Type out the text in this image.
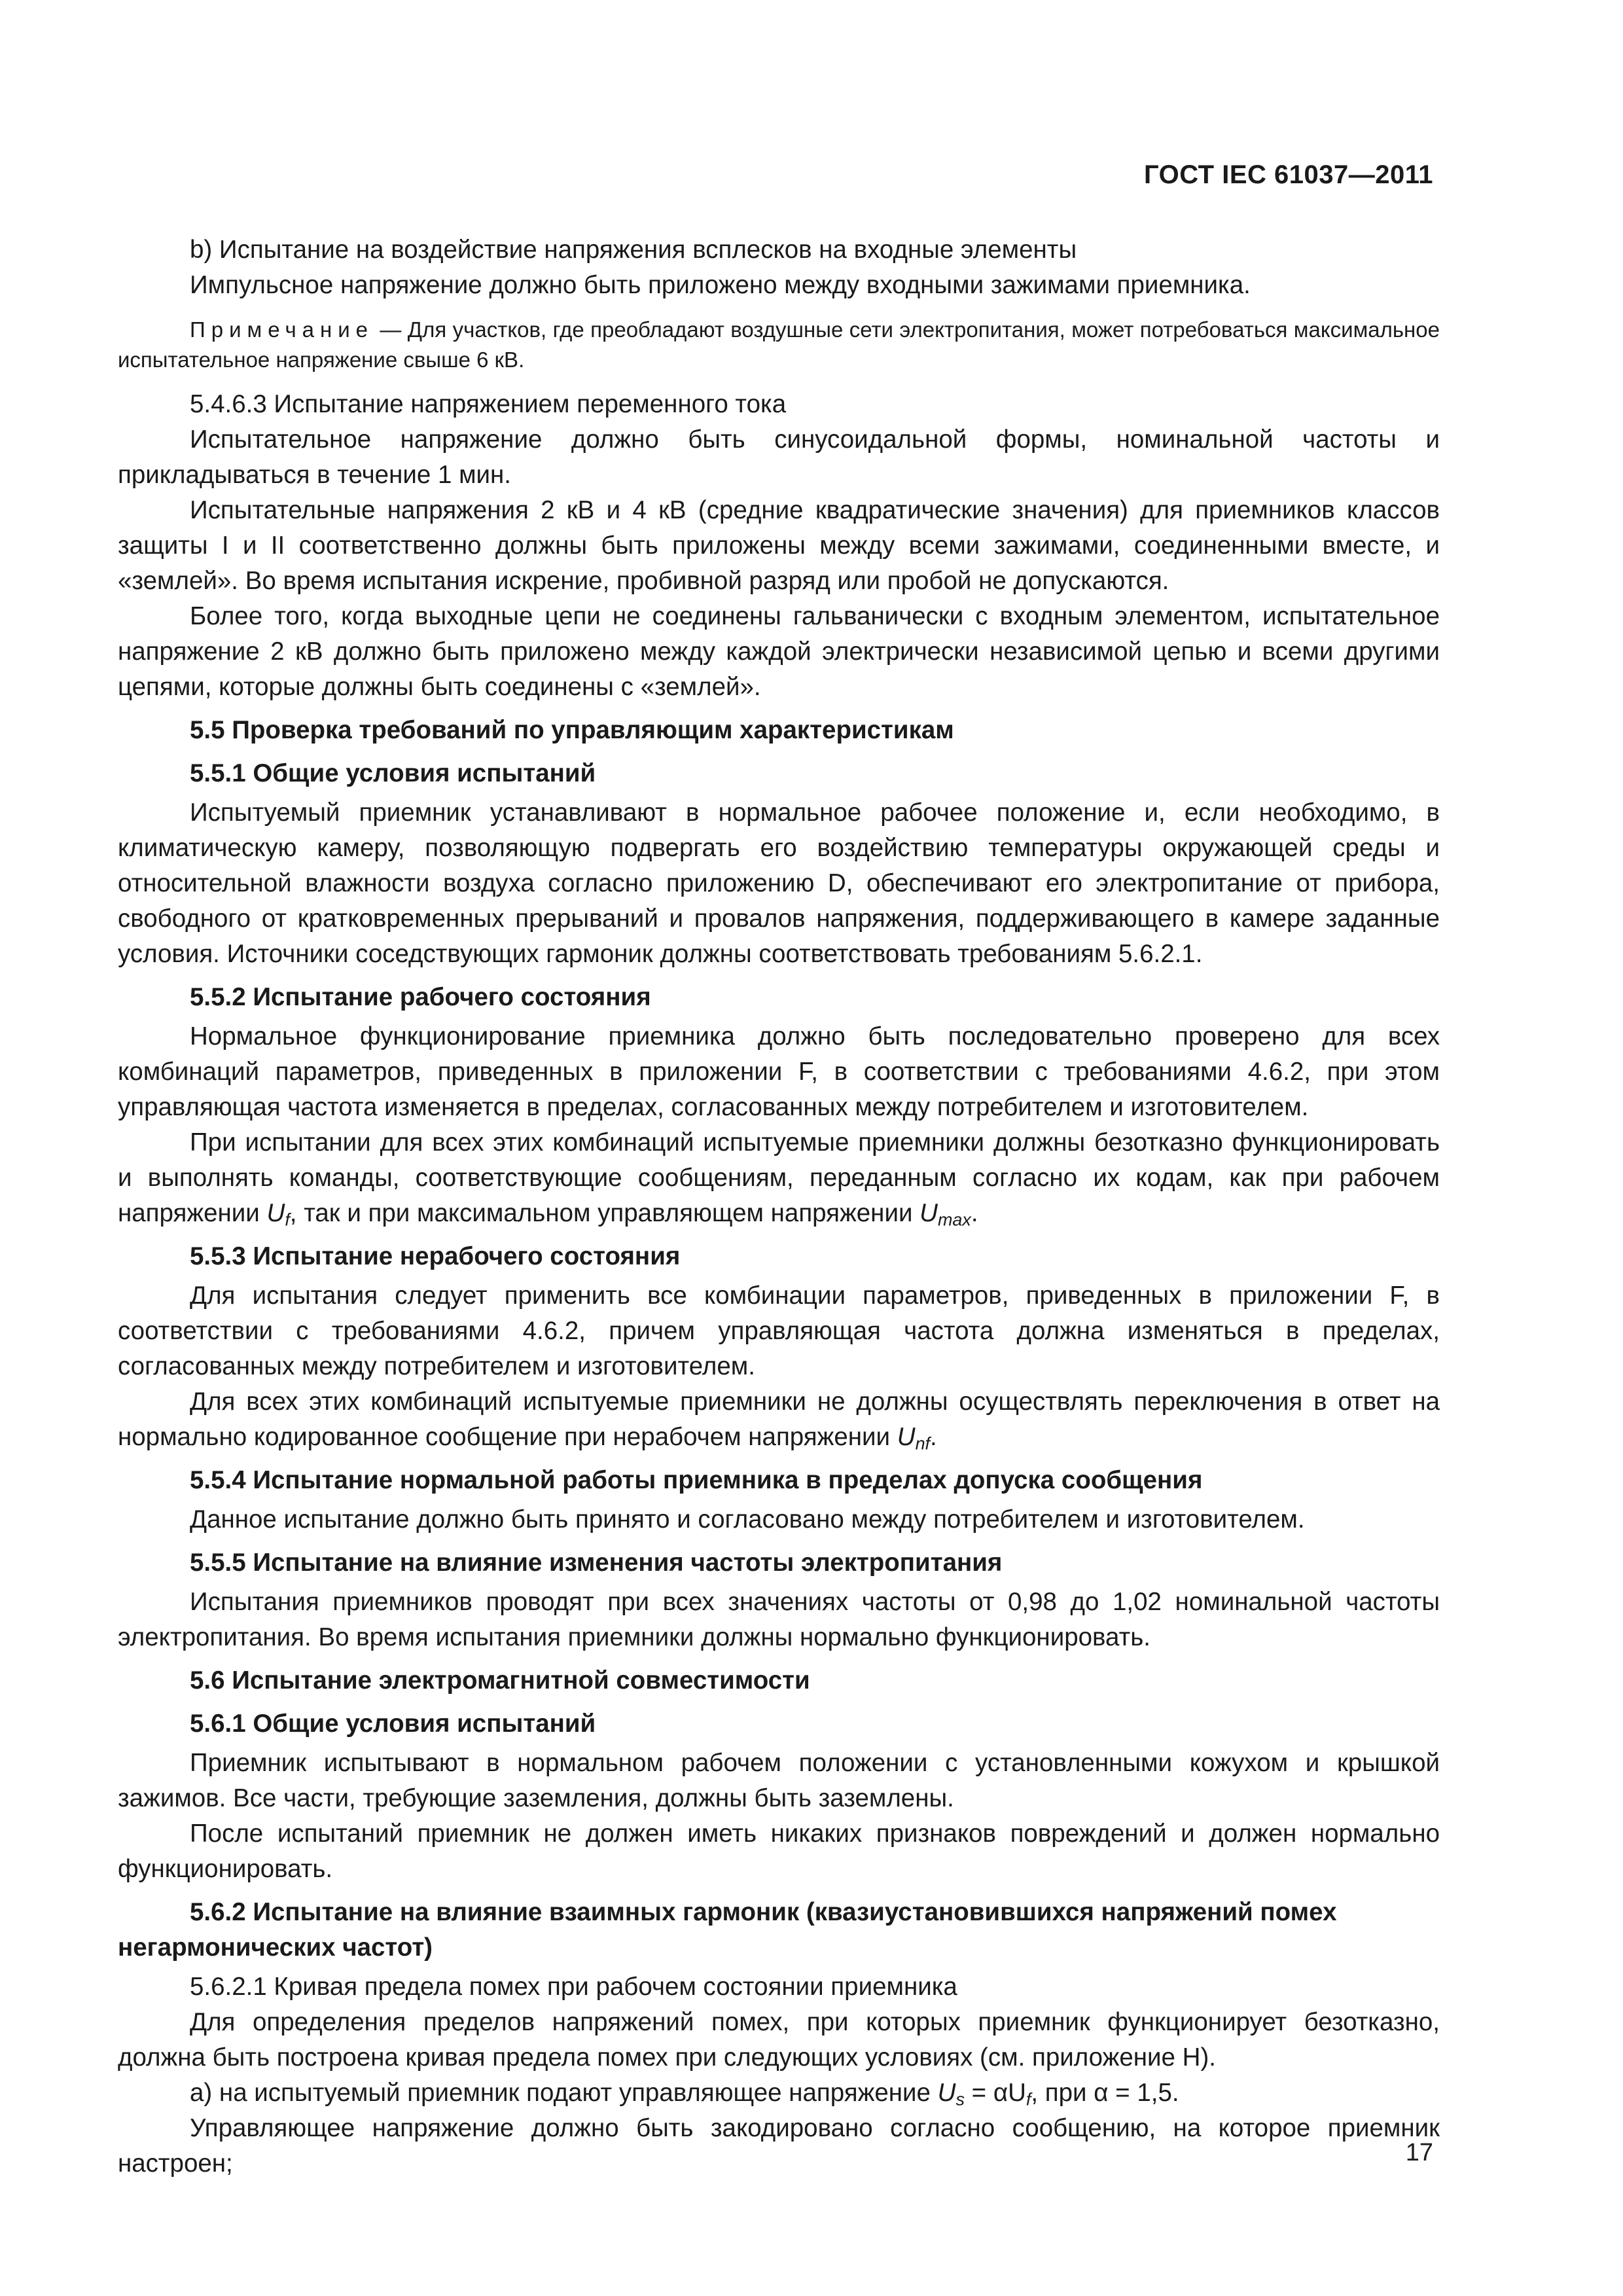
ГОСТ IEC 61037—2011

b) Испытание на воздействие напряжения всплесков на входные элементы

Импульсное напряжение должно быть приложено между входными зажимами приемника.

Примечание — Для участков, где преобладают воздушные сети электропитания, может потребоваться максимальное испытательное напряжение свыше 6 кВ.

5.4.6.3 Испытание напряжением переменного тока

Испытательное напряжение должно быть синусоидальной формы, номинальной частоты и прикладываться в течение 1 мин.

Испытательные напряжения 2 кВ и 4 кВ (средние квадратические значения) для приемников классов защиты I и II соответственно должны быть приложены между всеми зажимами, соединенными вместе, и «землей». Во время испытания искрение, пробивной разряд или пробой не допускаются.

Более того, когда выходные цепи не соединены гальванически с входным элементом, испытательное напряжение 2 кВ должно быть приложено между каждой электрически независимой цепью и всеми другими цепями, которые должны быть соединены с «землей».

5.5 Проверка требований по управляющим характеристикам

5.5.1 Общие условия испытаний

Испытуемый приемник устанавливают в нормальное рабочее положение и, если необходимо, в климатическую камеру, позволяющую подвергать его воздействию температуры окружающей среды и относительной влажности воздуха согласно приложению D, обеспечивают его электропитание от прибора, свободного от кратковременных прерываний и провалов напряжения, поддерживающего в камере заданные условия. Источники соседствующих гармоник должны соответствовать требованиям 5.6.2.1.

5.5.2 Испытание рабочего состояния

Нормальное функционирование приемника должно быть последовательно проверено для всех комбинаций параметров, приведенных в приложении F, в соответствии с требованиями 4.6.2, при этом управляющая частота изменяется в пределах, согласованных между потребителем и изготовителем.

При испытании для всех этих комбинаций испытуемые приемники должны безотказно функционировать и выполнять команды, соответствующие сообщениям, переданным согласно их кодам, как при рабочем напряжении $U_f$, так и при максимальном управляющем напряжении $U_{max}$.

5.5.3 Испытание нерабочего состояния

Для испытания следует применить все комбинации параметров, приведенных в приложении F, в соответствии с требованиями 4.6.2, причем управляющая частота должна изменяться в пределах, согласованных между потребителем и изготовителем.

Для всех этих комбинаций испытуемые приемники не должны осуществлять переключения в ответ на нормально кодированное сообщение при нерабочем напряжении $U_{nf}$.

5.5.4 Испытание нормальной работы приемника в пределах допуска сообщения

Данное испытание должно быть принято и согласовано между потребителем и изготовителем.

5.5.5 Испытание на влияние изменения частоты электропитания

Испытания приемников проводят при всех значениях частоты от 0,98 до 1,02 номинальной частоты электропитания. Во время испытания приемники должны нормально функционировать.

5.6 Испытание электромагнитной совместимости

5.6.1 Общие условия испытаний

Приемник испытывают в нормальном рабочем положении с установленными кожухом и крышкой зажимов. Все части, требующие заземления, должны быть заземлены.

После испытаний приемник не должен иметь никаких признаков повреждений и должен нормально функционировать.

5.6.2 Испытание на влияние взаимных гармоник (квазиустановившихся напряжений помех негармонических частот)

5.6.2.1 Кривая предела помех при рабочем состоянии приемника

Для определения пределов напряжений помех, при которых приемник функционирует безотказно, должна быть построена кривая предела помех при следующих условиях (см. приложение H).

a) на испытуемый приемник подают управляющее напряжение $U_s = \alpha U_f$, при α = 1,5.

Управляющее напряжение должно быть закодировано согласно сообщению, на которое приемник настроен;	17
